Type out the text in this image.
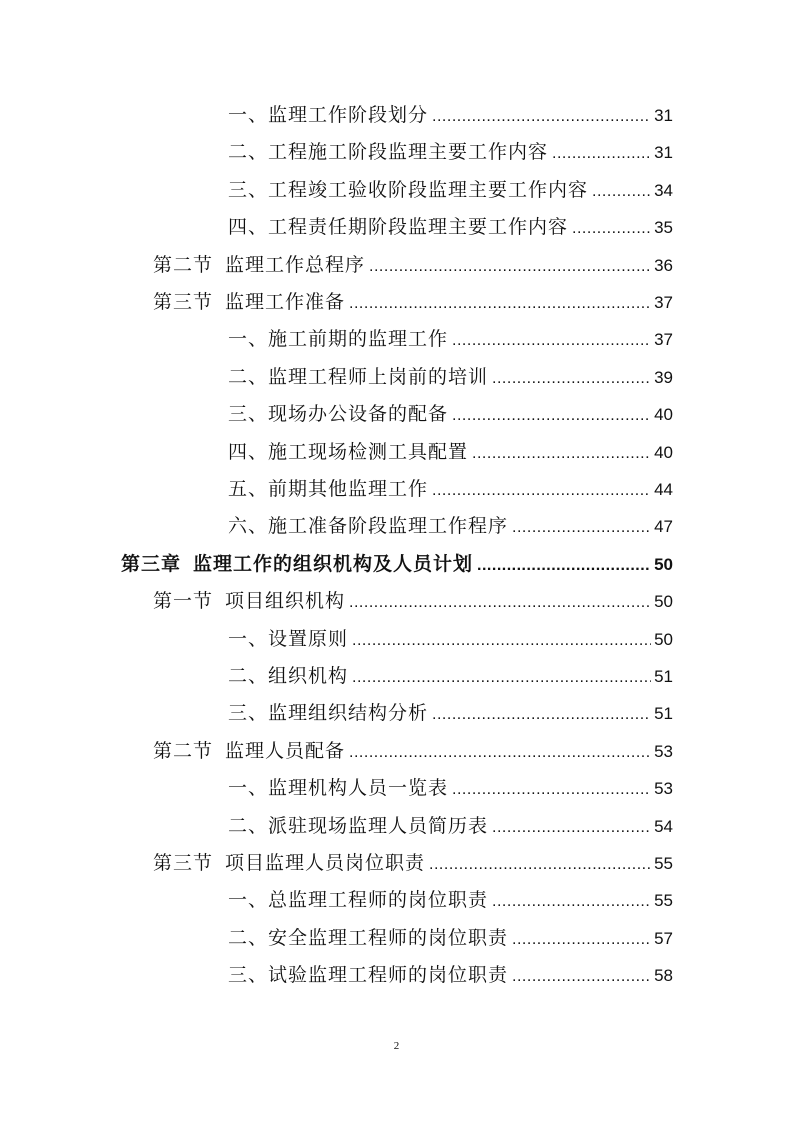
一、监理工作阶段划分 .....	31
二、工程施工阶段监理主要工作内容 .....	31
三、工程竣工验收阶段监理主要工作内容 .....	34
四、工程责任期阶段监理主要工作内容 .....	35
第二节 监理工作总程序 .....	36
第三节 监理工作准备 .....	37
一、施工前期的监理工作 .....	37
二、监理工程师上岗前的培训 .....	39
三、现场办公设备的配备 .....	40
四、施工现场检测工具配置 .....	40
五、前期其他监理工作 .....	44
六、施工准备阶段监理工作程序 .....	47
第三章 监理工作的组织机构及人员计划 .....	50
第一节 项目组织机构 .....	50
一、设置原则 .....	50
二、组织机构 .....	51
三、监理组织结构分析 .....	51
第二节 监理人员配备 .....	53
一、监理机构人员一览表 .....	53
二、派驻现场监理人员简历表 .....	54
第三节 项目监理人员岗位职责 .....	55
一、总监理工程师的岗位职责 .....	55
二、安全监理工程师的岗位职责 .....	57
三、试验监理工程师的岗位职责 .....	58
2
